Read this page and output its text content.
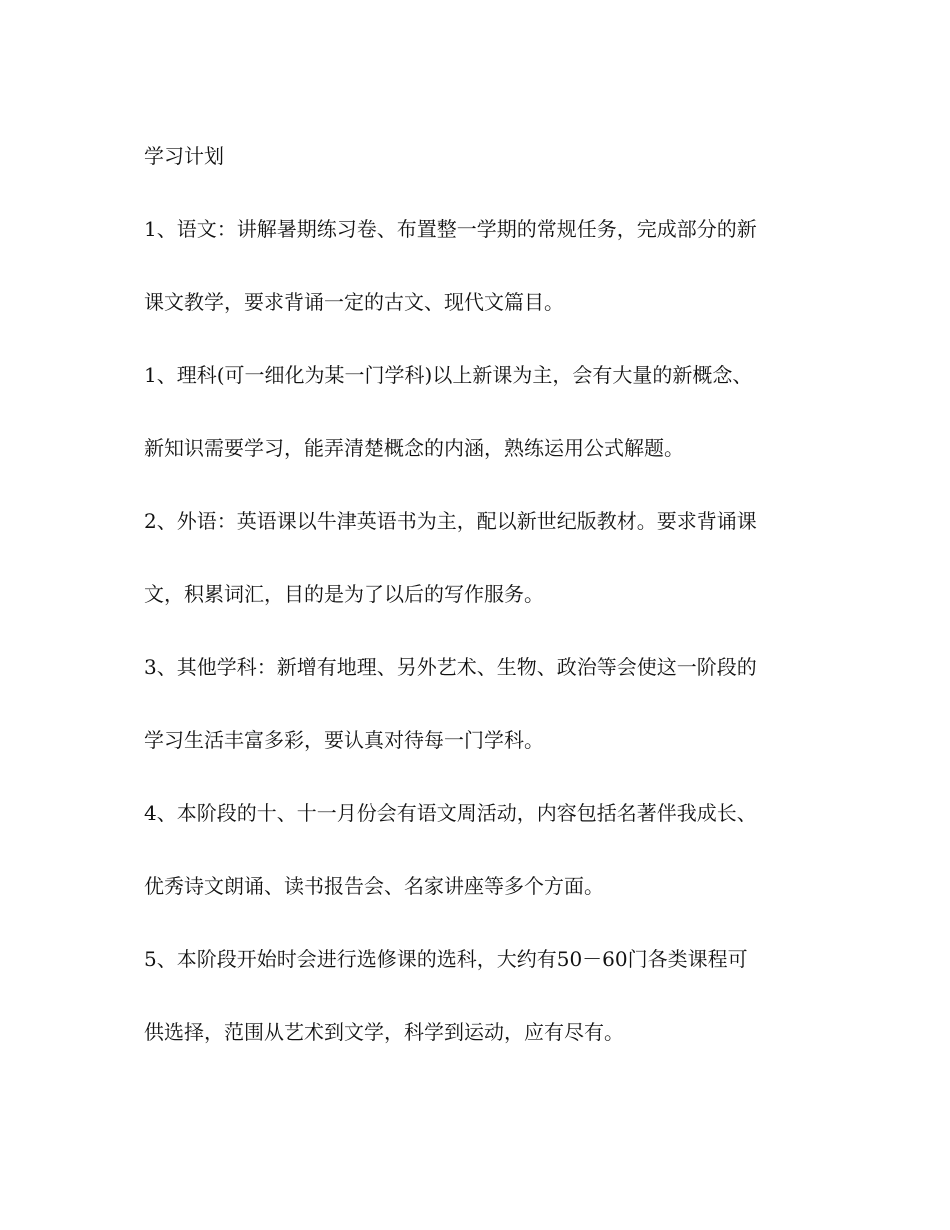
学习计划
1、语文：讲解暑期练习卷、布置整一学期的常规任务，完成部分的新
课文教学，要求背诵一定的古文、现代文篇目。
1、理科(可一细化为某一门学科)以上新课为主，会有大量的新概念、
新知识需要学习，能弄清楚概念的内涵，熟练运用公式解题。
2、外语：英语课以牛津英语书为主，配以新世纪版教材。要求背诵课
文，积累词汇，目的是为了以后的写作服务。
3、其他学科：新增有地理、另外艺术、生物、政治等会使这一阶段的
学习生活丰富多彩，要认真对待每一门学科。
4、本阶段的十、十一月份会有语文周活动，内容包括名著伴我成长、
优秀诗文朗诵、读书报告会、名家讲座等多个方面。
5、本阶段开始时会进行选修课的选科，大约有50－60门各类课程可
供选择，范围从艺术到文学，科学到运动，应有尽有。
